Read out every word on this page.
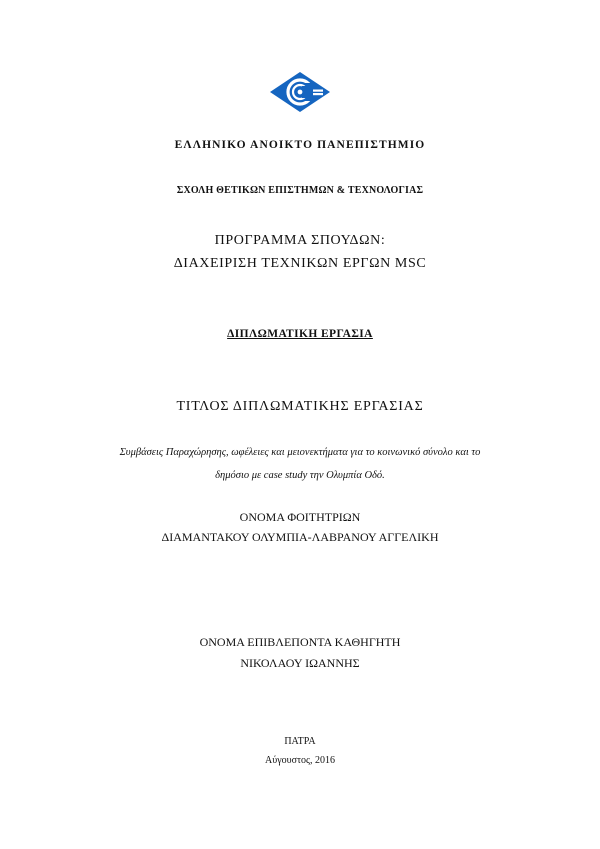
ΕΛΛΗΝΙΚΟ ΑΝΟΙΚΤΟ ΠΑΝΕΠΙΣΤΗΜΙΟ
ΣΧΟΛΗ ΘΕΤΙΚΩΝ ΕΠΙΣΤΗΜΩΝ & ΤΕΧΝΟΛΟΓΙΑΣ
ΠΡΟΓΡΑΜΜΑ ΣΠΟΥΔΩΝ:
ΔΙΑΧΕΙΡΙΣΗ ΤΕΧΝΙΚΩΝ ΕΡΓΩΝ MSC
ΔΙΠΛΩΜΑΤΙΚΗ ΕΡΓΑΣΙΑ
ΤΙΤΛΟΣ ΔΙΠΛΩΜΑΤΙΚΗΣ ΕΡΓΑΣΙΑΣ
Συμβάσεις Παραχώρησης, ωφέλειες και μειονεκτήματα για το κοινωνικό σύνολο και το
δημόσιο με case study την Ολυμπία Οδό.
ΟΝΟΜΑ ΦΟΙΤΗΤΡΙΩΝ
ΔΙΑΜΑΝΤΑΚΟΥ ΟΛΥΜΠΙΑ-ΛΑΒΡΑΝΟΥ ΑΓΓΕΛΙΚΗ
ΟΝΟΜΑ ΕΠΙΒΛΕΠΟΝΤΑ ΚΑΘΗΓΗΤΗ
ΝΙΚΟΛΑΟΥ ΙΩΑΝΝΗΣ
ΠΑΤΡΑ
Αύγουστος, 2016
